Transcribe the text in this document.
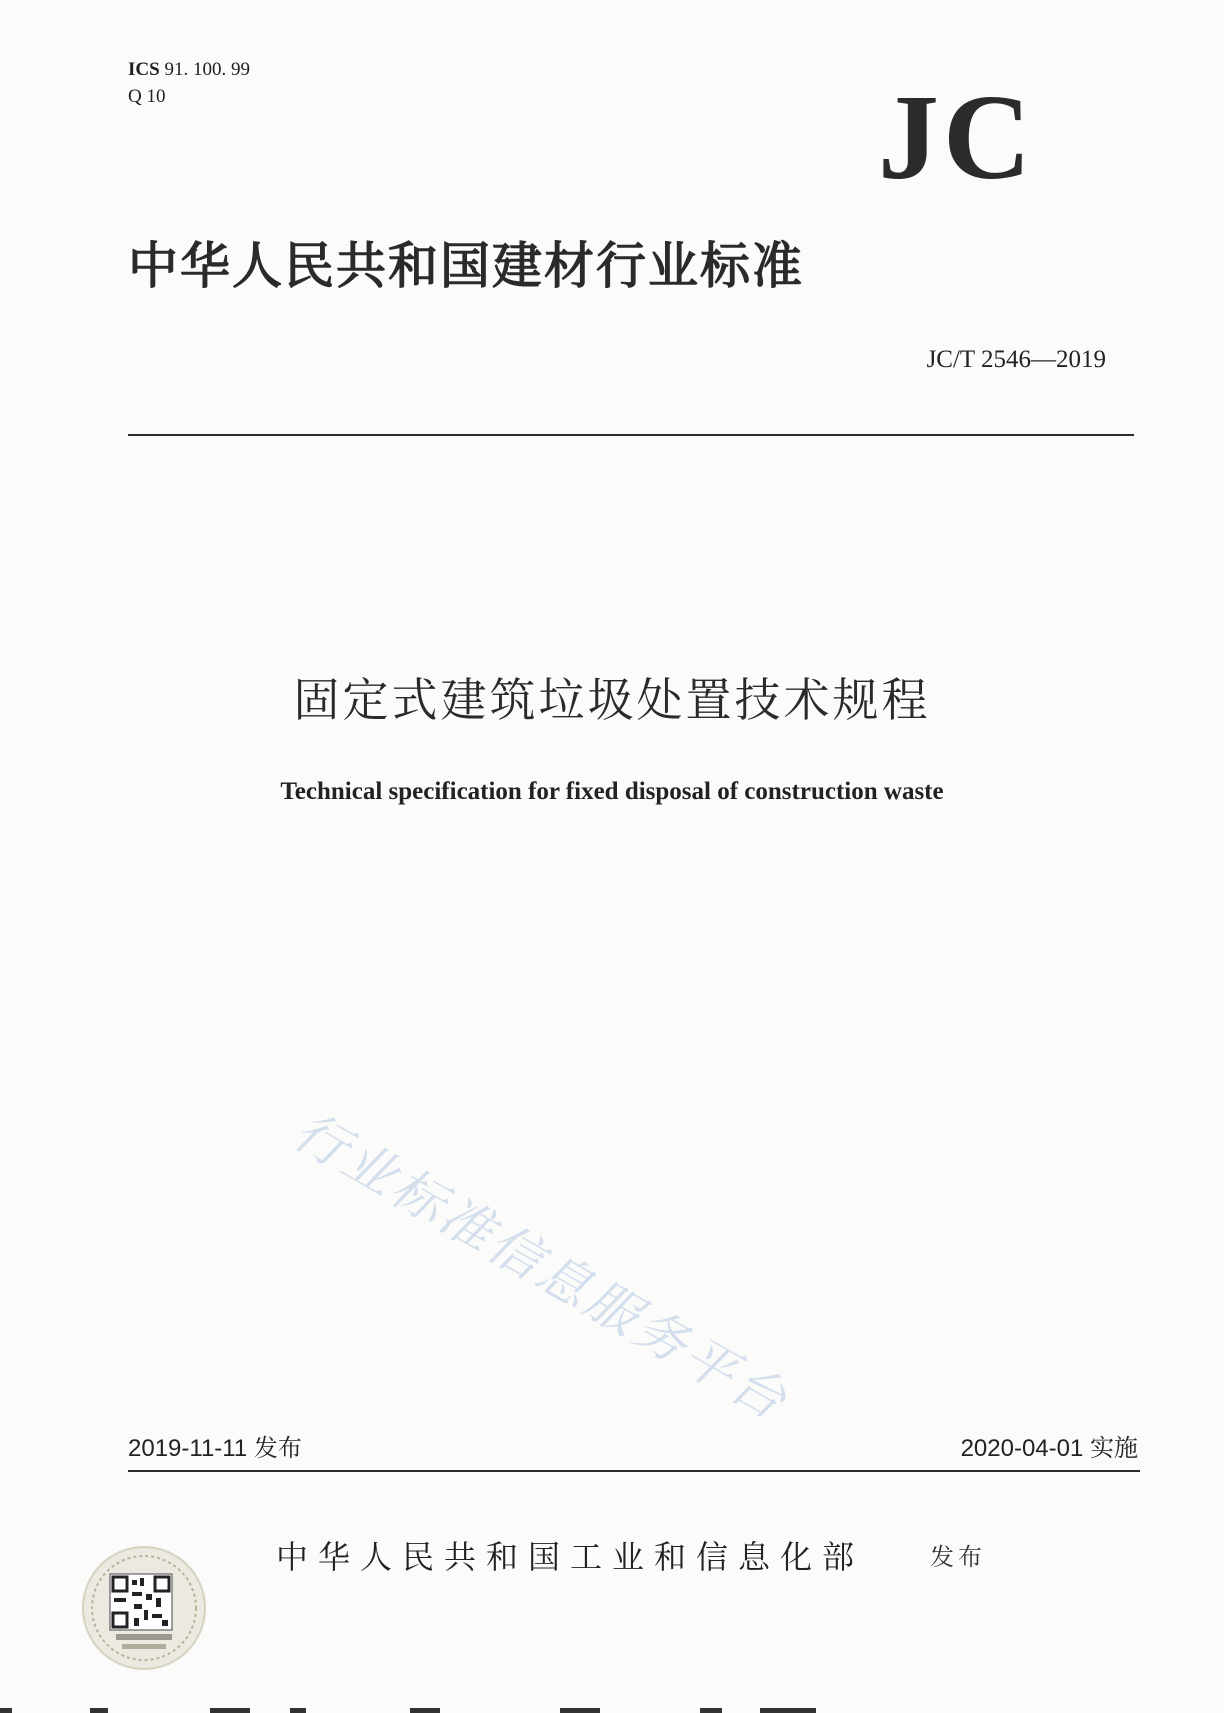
ICS 91. 100. 99
Q 10	JC
中华人民共和国建材行业标准
JC/T 2546—2019
固定式建筑垃圾处置技术规程
Technical specification for fixed disposal of construction waste
行业标准信息服务平台
2019-11-11 发布	2020-04-01 实施
中华人民共和国工业和信息化部	发布
